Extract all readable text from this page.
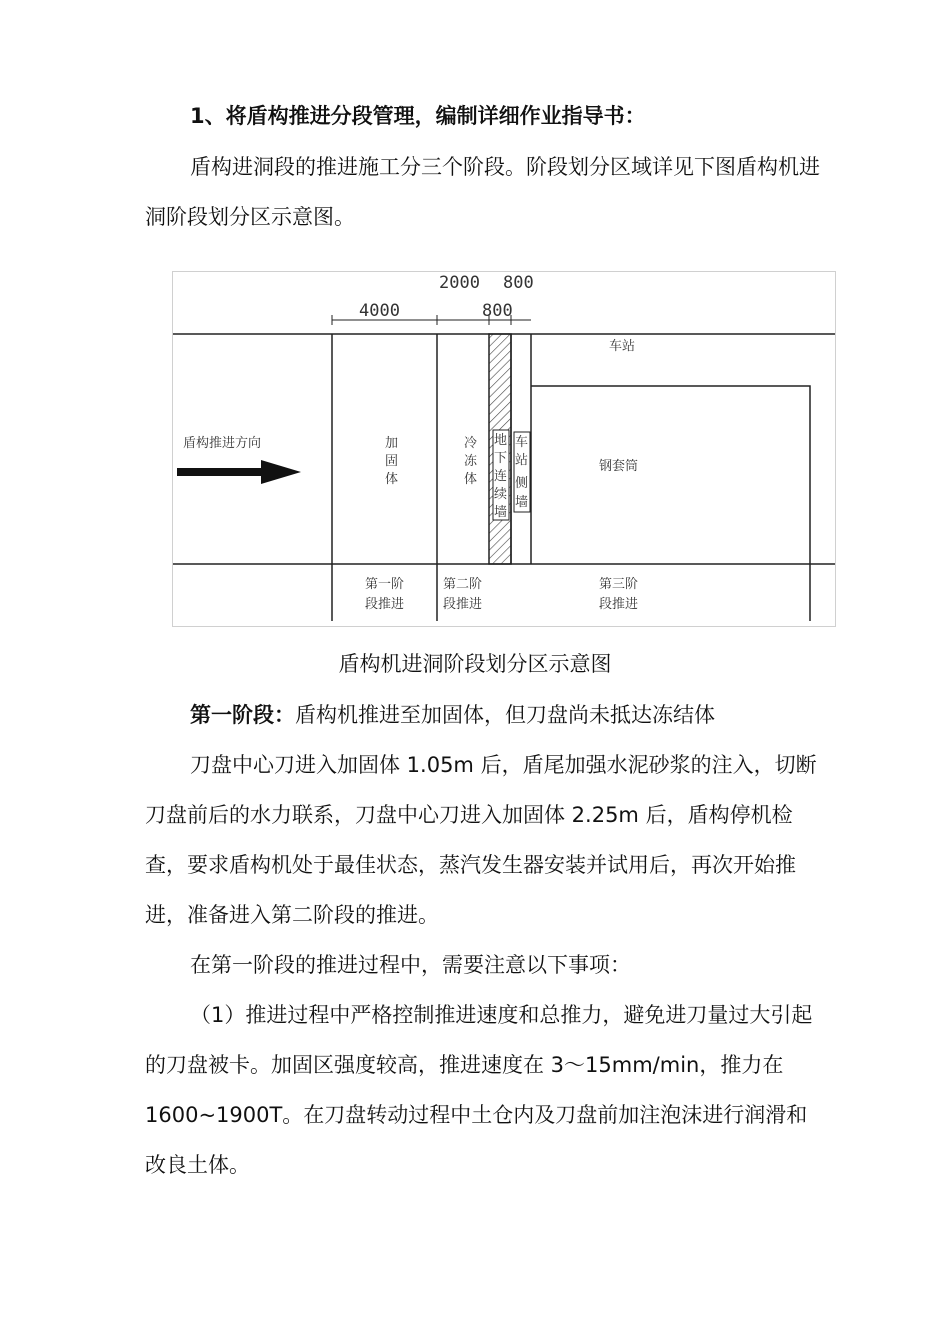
1、将盾构推进分段管理，编制详细作业指导书：
盾构进洞段的推进施工分三个阶段。阶段划分区域详见下图盾构机进洞阶段划分区示意图。
2000 800
4000	800
盾构推进方向
车站
加
固
体
冷
冻
体
地
下
连
续
墙
车
站
侧
墙
钢套筒
第一阶
段推进
第二阶
段推进
第三阶
段推进
盾构机进洞阶段划分区示意图
第一阶段：盾构机推进至加固体，但刀盘尚未抵达冻结体
刀盘中心刀进入加固体 1.05m 后，盾尾加强水泥砂浆的注入，切断刀盘前后的水力联系，刀盘中心刀进入加固体 2.25m 后，盾构停机检查，要求盾构机处于最佳状态，蒸汽发生器安装并试用后，再次开始推进，准备进入第二阶段的推进。
在第一阶段的推进过程中，需要注意以下事项：
（1）推进过程中严格控制推进速度和总推力，避免进刀量过大引起的刀盘被卡。加固区强度较高，推进速度在 3～15mm/min，推力在 1600~1900T。在刀盘转动过程中土仓内及刀盘前加注泡沫进行润滑和改良土体。
